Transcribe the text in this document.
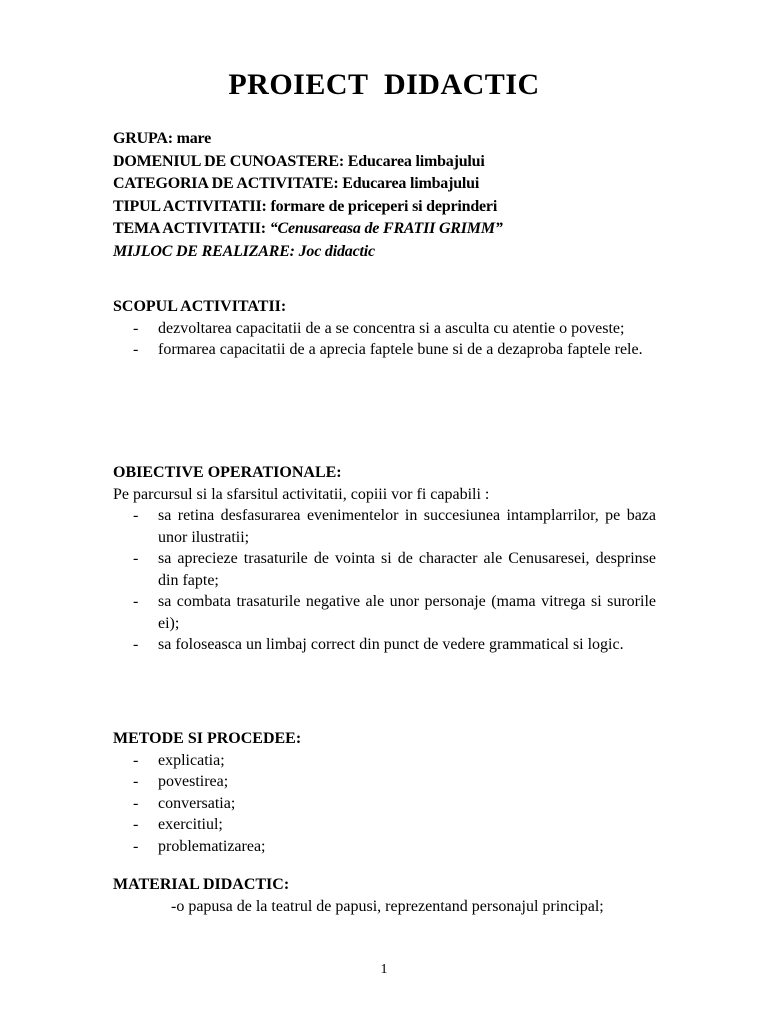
PROIECT  DIDACTIC
GRUPA: mare
DOMENIUL DE CUNOASTERE: Educarea limbajului
CATEGORIA DE ACTIVITATE: Educarea limbajului
TIPUL ACTIVITATII: formare de priceperi si deprinderi
TEMA ACTIVITATII: “Cenusareasa de FRATII GRIMM”
MIJLOC DE REALIZARE: Joc didactic
SCOPUL ACTIVITATII:
- dezvoltarea capacitatii de a se concentra si a asculta cu atentie o poveste;
- formarea capacitatii de a aprecia faptele bune si de a dezaproba faptele rele.
OBIECTIVE OPERATIONALE:
Pe parcursul si la sfarsitul activitatii, copiii vor fi capabili :
- sa retina desfasurarea evenimentelor in succesiunea intamplarrilor, pe baza unor ilustratii;
- sa aprecieze trasaturile de vointa si de character ale Cenusaresei, desprinse din fapte;
- sa combata trasaturile negative ale unor personaje (mama vitrega si surorile ei);
- sa foloseasca un limbaj correct din punct de vedere grammatical si logic.
METODE SI PROCEDEE:
- explicatia;
- povestirea;
- conversatia;
- exercitiul;
- problematizarea;
MATERIAL DIDACTIC:
-o papusa de la teatrul de papusi, reprezentand personajul principal;
1
